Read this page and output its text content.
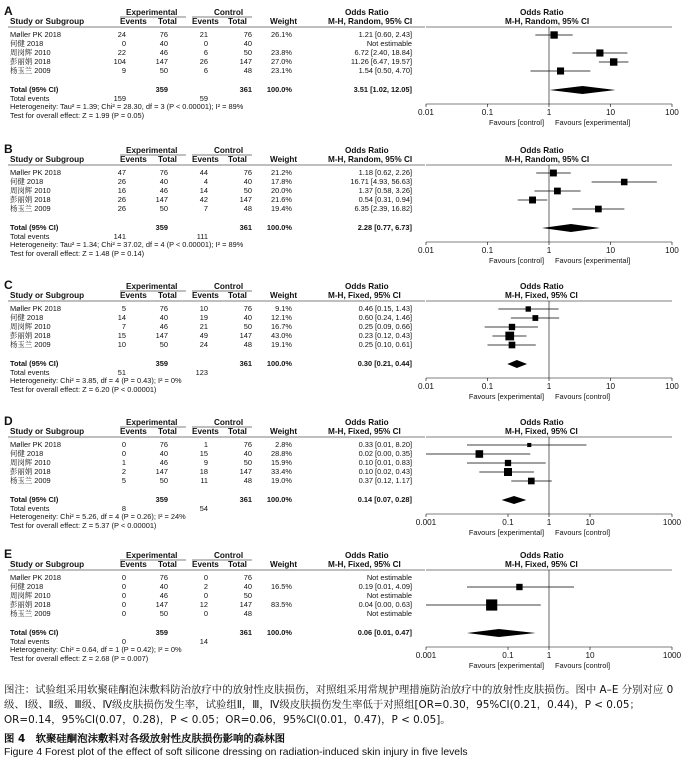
A	Experimental	Control	Odds Ratio	Odds Ratio
Study or Subgroup	Events Total Events Total	Weight	M-H, Random, 95% CI	M-H, Random, 95% CI
Møller PK 2018	24	76	21	76	26.1%	1.21 [0.60, 2.43]
何健 2018	0	40	0	40	Not estimable
周岗辉 2010	22	46	6	50	23.8%	6.72 [2.40, 18.84]
彭丽娟 2018	104	147	26	147	27.0%	11.26 [6.47, 19.57]
杨玉兰 2009	9	50	6	48	23.1%	1.54 [0.50, 4.70]
Total (95% CI)	359	361	100.0%	3.51 [1.02, 12.05]
Total events	159	59
Heterogeneity: Tau² = 1.39; Chi² = 28.30, df = 3 (P < 0.00001); I² = 89%
Test for overall effect: Z = 1.99 (P = 0.05)	0.01	0.1	1	10	100
Favours [control] Favours [experimental]
B	Experimental	Control	Odds Ratio	Odds Ratio
Study or Subgroup	Events Total Events Total	Weight	M-H, Random, 95% CI	M-H, Random, 95% CI
Møller PK 2018	47	76	44	76	21.2%	1.18 [0.62, 2.26]
何健 2018	26	40	4	40	17.8%	16.71 [4.93, 56.63]
周岗辉 2010	16	46	14	50	20.0%	1.37 [0.58, 3.26]
彭丽娟 2018	26	147	42	147	21.6%	0.54 [0.31, 0.94]
杨玉兰 2009	26	50	7	48	19.4%	6.35 [2.39, 16.82]
Total (95% CI)	359	361	100.0%	2.28 [0.77, 6.73]
Total events	141	111
Heterogeneity: Tau² = 1.34; Chi² = 37.02, df = 4 (P < 0.00001); I² = 89%
Test for overall effect: Z = 1.48 (P = 0.14)	0.01	0.1	1	10	100
Favours [control] Favours [experimental]
C	Experimental	Control	Odds Ratio	Odds Ratio
Study or Subgroup	Events Total Events Total	Weight	M-H, Fixed, 95% CI	M-H, Fixed, 95% CI
Møller PK 2018	5	76	10	76	9.1%	0.46 [0.15, 1.43]
何健 2018	14	40	19	40	12.1%	0.60 [0.24, 1.46]
周岗辉 2010	7	46	21	50	16.7%	0.25 [0.09, 0.66]
彭丽娟 2018	15	147	49	147	43.0%	0.23 [0.12, 0.43]
杨玉兰 2009	10	50	24	48	19.1%	0.25 [0.10, 0.61]
Total (95% CI)	359	361	100.0%	0.30 [0.21, 0.44]
Total events	51	123
Heterogeneity: Chi² = 3.85, df = 4 (P = 0.43); I² = 0%
Test for overall effect: Z = 6.20 (P < 0.00001)	0.01	0.1	1	10	100
Favours [experimental] Favours [control]
D	Experimental	Control	Odds Ratio	Odds Ratio
Study or Subgroup	Events Total Events Total	Weight	M-H, Fixed, 95% CI	M-H, Fixed, 95% CI
Møller PK 2018	0	76	1	76	2.8%	0.33 [0.01, 8.20]
何健 2018	0	40	15	40	28.8%	0.02 [0.00, 0.35]
周岗辉 2010	1	46	9	50	15.9%	0.10 [0.01, 0.83]
彭丽娟 2018	2	147	18	147	33.4%	0.10 [0.02, 0.43]
杨玉兰 2009	5	50	11	48	19.0%	0.37 [0.12, 1.17]
Total (95% CI)	359	361	100.0%	0.14 [0.07, 0.28]
Total events	8	54
Heterogeneity: Chi² = 5.26, df = 4 (P = 0.26); I² = 24%
Test for overall effect: Z = 5.37 (P < 0.00001)	0.001	0.1	1	10	1000
Favours [experimental] Favours [control]
E	Experimental	Control	Odds Ratio	Odds Ratio
Study or Subgroup	Events Total Events Total	Weight	M-H, Fixed, 95% CI	M-H, Fixed, 95% CI
Møller PK 2018	0	76	0	76	Not estimable
何健 2018	0	40	2	40	16.5%	0.19 [0.01, 4.09]
周岗辉 2010	0	46	0	50	Not estimable
彭丽娟 2018	0	147	12	147	83.5%	0.04 [0.00, 0.63]
杨玉兰 2009	0	50	0	48	Not estimable
Total (95% CI)	359	361	100.0%	0.06 [0.01, 0.47]
Total events	0	14
Heterogeneity: Chi² = 0.64, df = 1 (P = 0.42); I² = 0%
Test for overall effect: Z = 2.68 (P = 0.007)	0.001	0.1	1	10	1000
Favours [experimental] Favours [control]
图注：试验组采用软聚硅酮泡沫敷料防治放疗中的放射性皮肤损伤，对照组采用常规护理措施防治放疗中的放射性皮肤损伤。图中 A–E 分别对应 0 级、Ⅰ级、Ⅱ级、Ⅲ级、Ⅳ级皮肤损伤发生率，试验组Ⅱ，Ⅲ，Ⅳ级皮肤损伤发生率低于对照组[OR=0.30，95%CI(0.21，0.44)，P < 0.05；OR=0.14，95%CI(0.07，0.28)，P < 0.05；OR=0.06，95%CI(0.01，0.47)，P < 0.05]。
图 4　软聚硅酮泡沫敷料对各级放射性皮肤损伤影响的森林图
Figure 4 Forest plot of the effect of soft silicone dressing on radiation-induced skin injury in five levels
